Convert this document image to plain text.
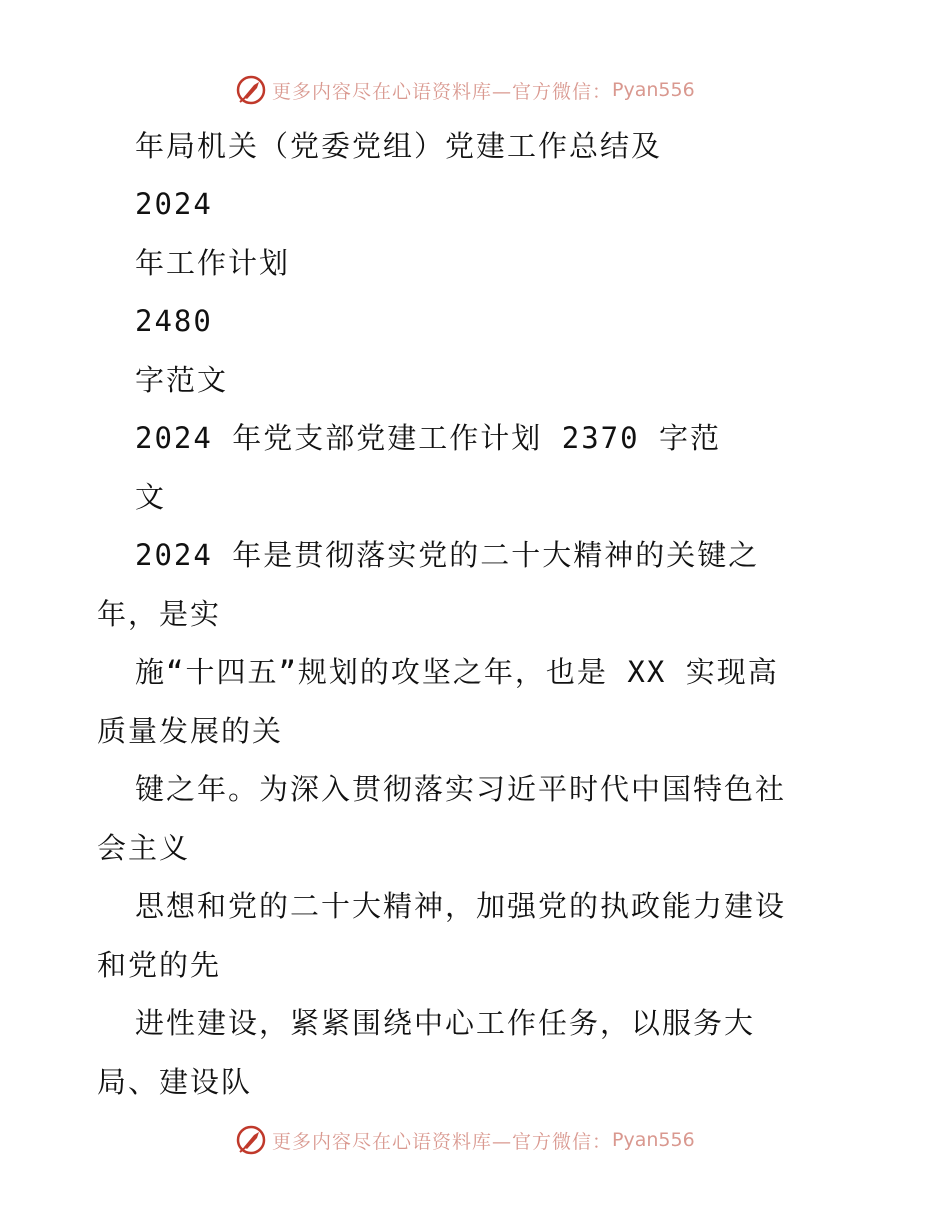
更多内容尽在心语资料库—官方微信： Pyan556
年局机关（党委党组）党建工作总结及
2024
年工作计划
2480
字范文
2024 年党支部党建工作计划 2370 字范
文
2024 年是贯彻落实党的二十大精神的关键之
年，是实
施“十四五”规划的攻坚之年，也是 XX 实现高
质量发展的关
键之年。为深入贯彻落实习近平时代中国特色社
会主义
思想和党的二十大精神，加强党的执政能力建设
和党的先
进性建设，紧紧围绕中心工作任务，以服务大
局、建设队
更多内容尽在心语资料库—官方微信： Pyan556
